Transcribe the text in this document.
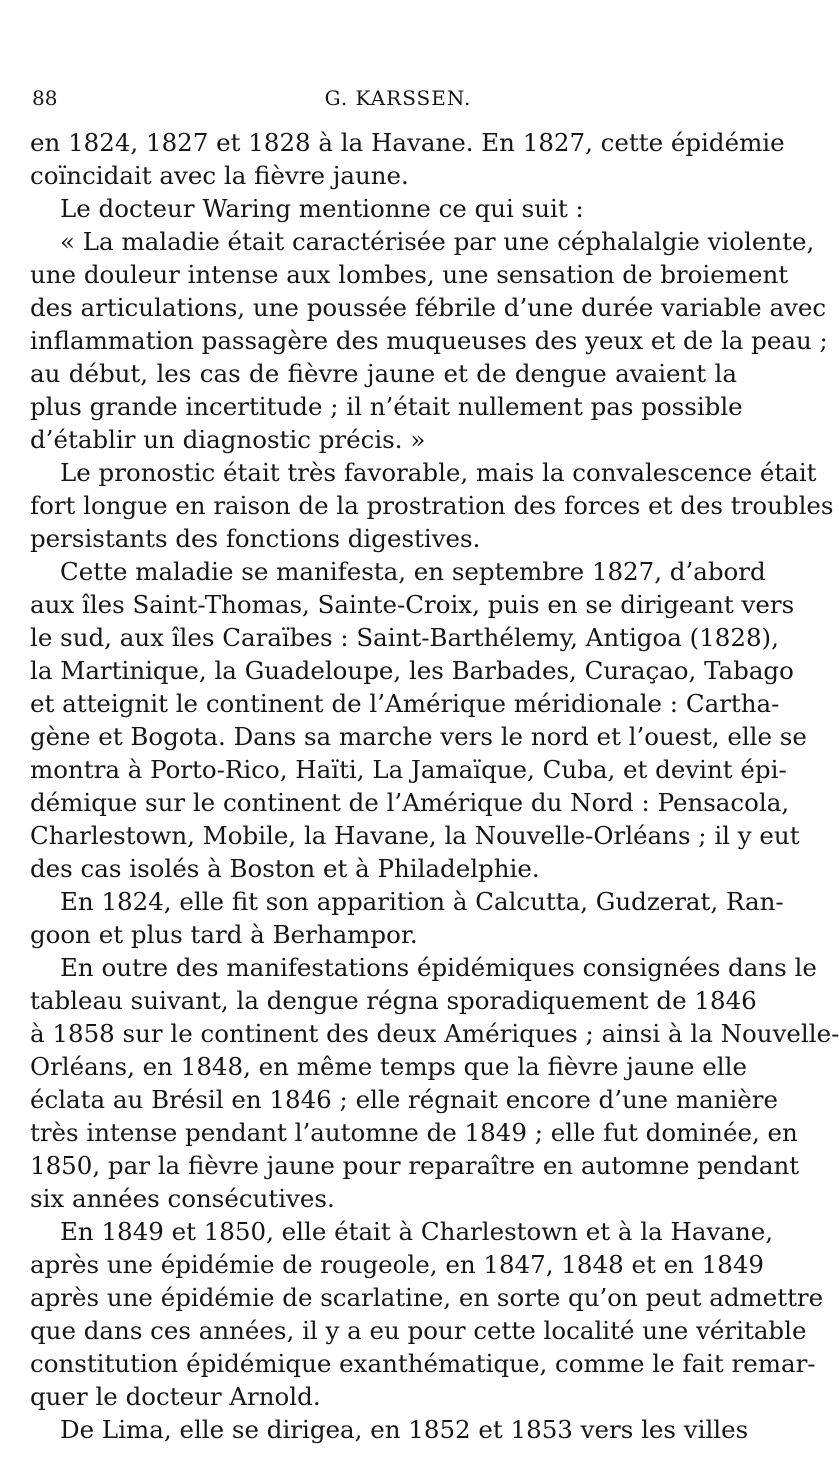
88	G. KARSSEN.
en 1824, 1827 et 1828 à la Havane. En 1827, cette épidémie
coïncidait avec la fièvre jaune.
Le docteur Waring mentionne ce qui suit :
« La maladie était caractérisée par une céphalalgie violente,
une douleur intense aux lombes, une sensation de broiement
des articulations, une poussée fébrile d’une durée variable avec
inflammation passagère des muqueuses des yeux et de la peau ;
au début, les cas de fièvre jaune et de dengue avaient la
plus grande incertitude ; il n’était nullement pas possible
d’établir un diagnostic précis. »
Le pronostic était très favorable, mais la convalescence était
fort longue en raison de la prostration des forces et des troubles
persistants des fonctions digestives.
Cette maladie se manifesta, en septembre 1827, d’abord
aux îles Saint-Thomas, Sainte-Croix, puis en se dirigeant vers
le sud, aux îles Caraïbes : Saint-Barthélemy, Antigoa (1828),
la Martinique, la Guadeloupe, les Barbades, Curaçao, Tabago
et atteignit le continent de l’Amérique méridionale : Cartha-
gène et Bogota. Dans sa marche vers le nord et l’ouest, elle se
montra à Porto-Rico, Haïti, La Jamaïque, Cuba, et devint épi-
démique sur le continent de l’Amérique du Nord : Pensacola,
Charlestown, Mobile, la Havane, la Nouvelle-Orléans ; il y eut
des cas isolés à Boston et à Philadelphie.
En 1824, elle fit son apparition à Calcutta, Gudzerat, Ran-
goon et plus tard à Berhampor.
En outre des manifestations épidémiques consignées dans le
tableau suivant, la dengue régna sporadiquement de 1846
à 1858 sur le continent des deux Amériques ; ainsi à la Nouvelle-
Orléans, en 1848, en même temps que la fièvre jaune elle
éclata au Brésil en 1846 ; elle régnait encore d’une manière
très intense pendant l’automne de 1849 ; elle fut dominée, en
1850, par la fièvre jaune pour reparaître en automne pendant
six années consécutives.
En 1849 et 1850, elle était à Charlestown et à la Havane,
après une épidémie de rougeole, en 1847, 1848 et en 1849
après une épidémie de scarlatine, en sorte qu’on peut admettre
que dans ces années, il y a eu pour cette localité une véritable
constitution épidémique exanthématique, comme le fait remar-
quer le docteur Arnold.
De Lima, elle se dirigea, en 1852 et 1853 vers les villes
